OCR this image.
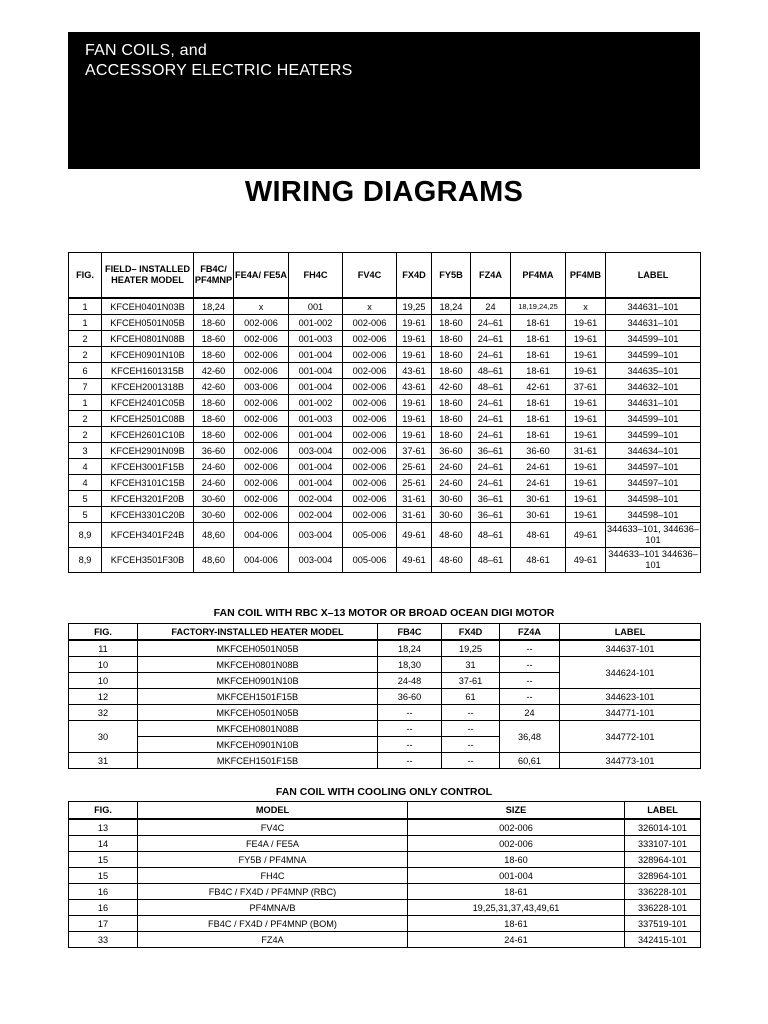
FAN COILS, and
ACCESSORY ELECTRIC HEATERS
WIRING DIAGRAMS
FIG.	FIELD– INSTALLED HEATER MODEL	FB4C/ PF4MNP	FE4A/ FE5A	FH4C	FV4C	FX4D	FY5B	FZ4A	PF4MA	PF4MB	LABEL
1	KFCEH0401N03B	18,24	x	001	x	19,25	18,24	24	18,19,24,25	x	344631–101
1	KFCEH0501N05B	18-60	002-006	001-002	002-006	19-61	18-60	24–61	18-61	19-61	344631–101
2	KFCEH0801N08B	18-60	002-006	001-003	002-006	19-61	18-60	24–61	18-61	19-61	344599–101
2	KFCEH0901N10B	18-60	002-006	001-004	002-006	19-61	18-60	24–61	18-61	19-61	344599–101
6	KFCEH1601315B	42-60	002-006	001-004	002-006	43-61	18-60	48–61	18-61	19-61	344635–101
7	KFCEH2001318B	42-60	003-006	001-004	002-006	43-61	42-60	48–61	42-61	37-61	344632–101
1	KFCEH2401C05B	18-60	002-006	001-002	002-006	19-61	18-60	24–61	18-61	19-61	344631–101
2	KFCEH2501C08B	18-60	002-006	001-003	002-006	19-61	18-60	24–61	18-61	19-61	344599–101
2	KFCEH2601C10B	18-60	002-006	001-004	002-006	19-61	18-60	24–61	18-61	19-61	344599–101
3	KFCEH2901N09B	36-60	002-006	003-004	002-006	37-61	36-60	36–61	36-60	31-61	344634–101
4	KFCEH3001F15B	24-60	002-006	001-004	002-006	25-61	24-60	24–61	24-61	19-61	344597–101
4	KFCEH3101C15B	24-60	002-006	001-004	002-006	25-61	24-60	24–61	24-61	19-61	344597–101
5	KFCEH3201F20B	30-60	002-006	002-004	002-006	31-61	30-60	36–61	30-61	19-61	344598–101
5	KFCEH3301C20B	30-60	002-006	002-004	002-006	31-61	30-60	36–61	30-61	19-61	344598–101
8,9	KFCEH3401F24B	48,60	004-006	003-004	005-006	49-61	48-60	48–61	48-61	49-61	344633–101, 344636–101
8,9	KFCEH3501F30B	48,60	004-006	003-004	005-006	49-61	48-60	48–61	48-61	49-61	344633–101 344636–101
FAN COIL WITH RBC X–13 MOTOR OR BROAD OCEAN DIGI MOTOR
FIG.	FACTORY-INSTALLED HEATER MODEL	FB4C	FX4D	FZ4A	LABEL
11	MKFCEH0501N05B	18,24	19,25	--	344637-101
10	MKFCEH0801N08B	18,30	31	--	344624-101
10	MKFCEH0901N10B	24-48	37-61	--	
12	MKFCEH1501F15B	36-60	61	--	344623-101
32	MKFCEH0501N05B	--	--	24	344771-101
30	MKFCEH0801N08B	--	--	36,48	344772-101
	MKFCEH0901N10B	--	--		
31	MKFCEH1501F15B	--	--	60,61	344773-101
FAN COIL WITH COOLING ONLY CONTROL
FIG.	MODEL	SIZE	LABEL
13	FV4C	002-006	326014-101
14	FE4A / FE5A	002-006	333107-101
15	FY5B / PF4MNA	18-60	328964-101
15	FH4C	001-004	328964-101
16	FB4C / FX4D / PF4MNP (RBC)	18-61	336228-101
16	PF4MNA/B	19,25,31,37,43,49,61	336228-101
17	FB4C / FX4D / PF4MNP (BOM)	18-61	337519-101
33	FZ4A	24-61	342415-101
